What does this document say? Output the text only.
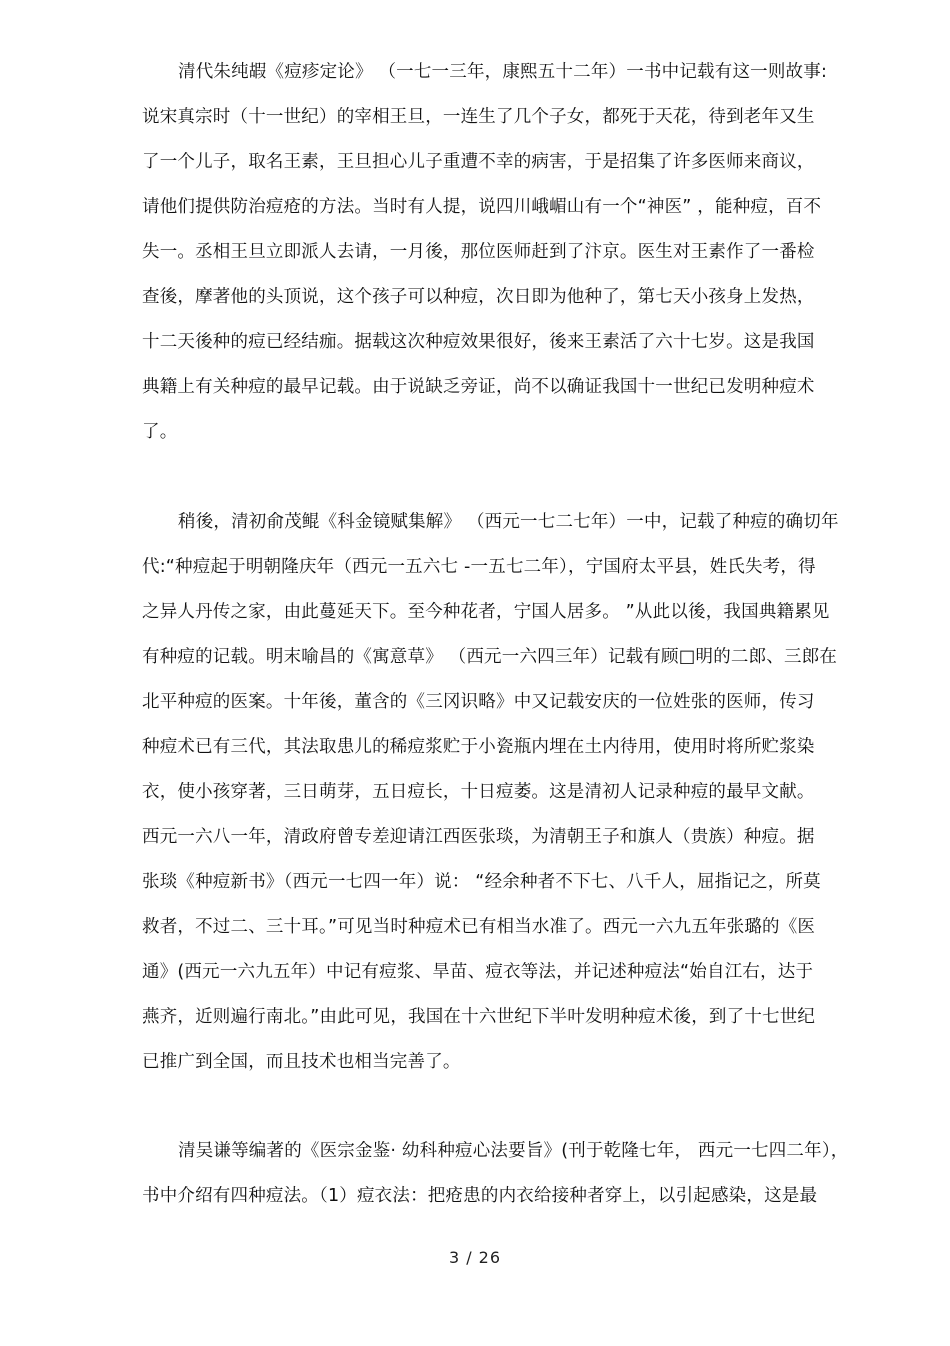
清代朱纯嘏《痘疹定论》 （一七一三年，康熙五十二年）一书中记载有这一则故事:
说宋真宗时（十一世纪）的宰相王旦，一连生了几个子女，都死于天花，待到老年又生
了一个儿子，取名王素，王旦担心儿子重遭不幸的病害，于是招集了许多医师来商议，
请他们提供防治痘疮的方法。当时有人提，说四川峨嵋山有一个“神医” ，能种痘，百不
失一。丞相王旦立即派人去请，一月後，那位医师赶到了汴京。医生对王素作了一番检
查後，摩著他的头顶说，这个孩子可以种痘，次日即为他种了，第七天小孩身上发热，
十二天後种的痘已经结痂。据载这次种痘效果很好，後来王素活了六十七岁。这是我国
典籍上有关种痘的最早记载。由于说缺乏旁证，尚不以确证我国十一世纪已发明种痘术
了。
稍後，清初俞茂鲲《科金镜赋集解》 （西元一七二七年）一中，记载了种痘的确切年
代:“种痘起于明朝隆庆年（西元一五六七 -一五七二年），宁国府太平县，姓氏失考，得
之异人丹传之家，由此蔓延天下。至今种花者，宁国人居多。 ”从此以後，我国典籍累见
有种痘的记载。明末喻昌的《寓意草》 （西元一六四三年）记载有顾□明的二郎、三郎在
北平种痘的医案。十年後，董含的《三冈识略》中又记载安庆的一位姓张的医师，传习
种痘术已有三代，其法取患儿的稀痘浆贮于小瓷瓶内埋在土内待用，使用时将所贮浆染
衣，使小孩穿著，三日萌芽，五日痘长，十日痘萎。这是清初人记录种痘的最早文献。
西元一六八一年，清政府曾专差迎请江西医张琰，为清朝王子和旗人（贵族）种痘。据
张琰《种痘新书》（西元一七四一年）说： “经余种者不下七、八千人，屈指记之，所莫
救者，不过二、三十耳。”可见当时种痘术已有相当水准了。西元一六九五年张璐的《医
通》(西元一六九五年）中记有痘浆、旱苗、痘衣等法，并记述种痘法“始自江右，达于
燕齐，近则遍行南北。”由此可见，我国在十六世纪下半叶发明种痘术後，到了十七世纪
已推广到全国，而且技术也相当完善了。
清吴谦等编著的《医宗金鉴· 幼科种痘心法要旨》(刊于乾隆七年， 西元一七四二年），
书中介绍有四种痘法。（1）痘衣法：把疮患的内衣给接种者穿上，以引起感染，这是最
3 / 26
